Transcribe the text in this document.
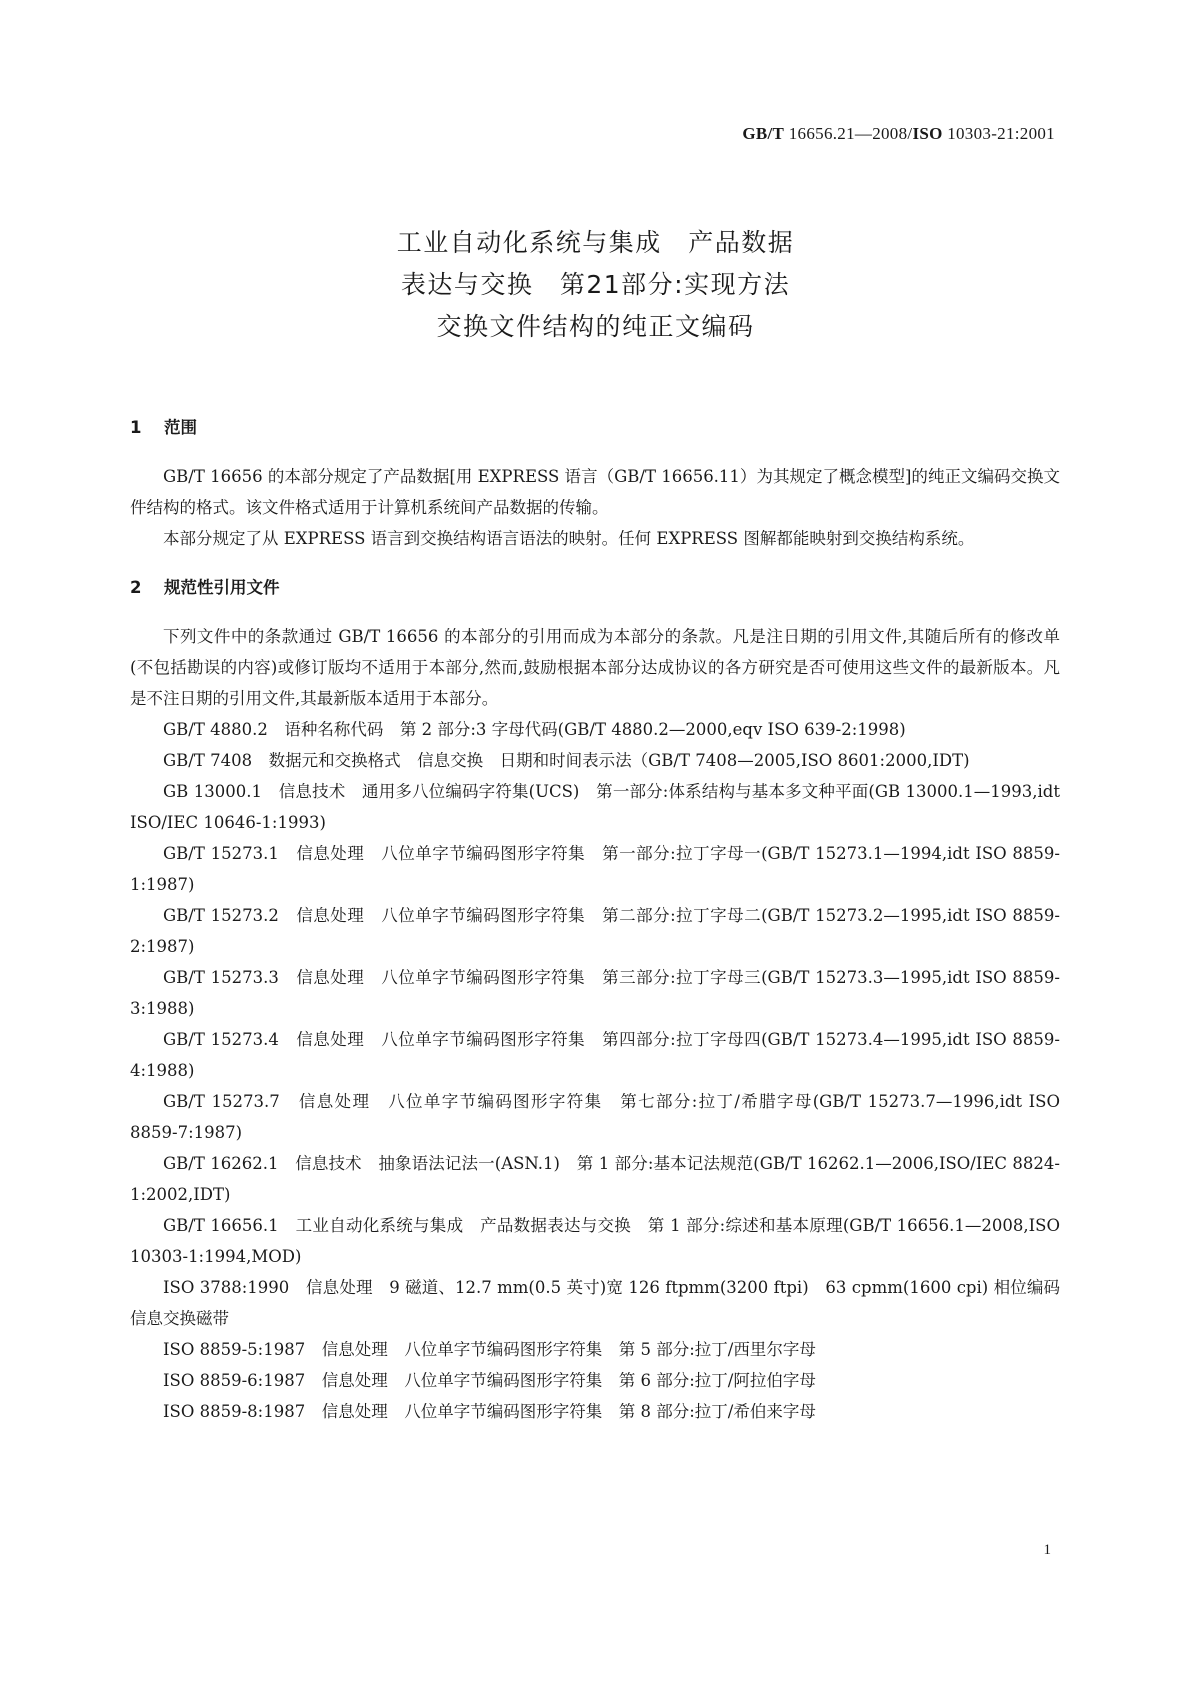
GB/T 16656.21—2008/ISO 10303-21:2001
工业自动化系统与集成　产品数据
表达与交换　第21部分:实现方法
交换文件结构的纯正文编码
1 范围

GB/T 16656 的本部分规定了产品数据[用 EXPRESS 语言（GB/T 16656.11）为其规定了概念模型]的纯正文编码交换文件结构的格式。该文件格式适用于计算机系统间产品数据的传输。

本部分规定了从 EXPRESS 语言到交换结构语言语法的映射。任何 EXPRESS 图解都能映射到交换结构系统。

2 规范性引用文件

下列文件中的条款通过 GB/T 16656 的本部分的引用而成为本部分的条款。凡是注日期的引用文件,其随后所有的修改单(不包括勘误的内容)或修订版均不适用于本部分,然而,鼓励根据本部分达成协议的各方研究是否可使用这些文件的最新版本。凡是不注日期的引用文件,其最新版本适用于本部分。

GB/T 4880.2　语种名称代码　第 2 部分:3 字母代码(GB/T 4880.2—2000,eqv ISO 639-2:1998)

GB/T 7408　数据元和交换格式　信息交换　日期和时间表示法（GB/T 7408—2005,ISO 8601:2000,IDT)

GB 13000.1　信息技术　通用多八位编码字符集(UCS)　第一部分:体系结构与基本多文种平面(GB 13000.1—1993,idt ISO/IEC 10646-1:1993)

GB/T 15273.1　信息处理　八位单字节编码图形字符集　第一部分:拉丁字母一(GB/T 15273.1—1994,idt ISO 8859-1:1987)

GB/T 15273.2　信息处理　八位单字节编码图形字符集　第二部分:拉丁字母二(GB/T 15273.2—1995,idt ISO 8859-2:1987)

GB/T 15273.3　信息处理　八位单字节编码图形字符集　第三部分:拉丁字母三(GB/T 15273.3—1995,idt ISO 8859-3:1988)

GB/T 15273.4　信息处理　八位单字节编码图形字符集　第四部分:拉丁字母四(GB/T 15273.4—1995,idt ISO 8859-4:1988)

GB/T 15273.7　信息处理　八位单字节编码图形字符集　第七部分:拉丁/希腊字母(GB/T 15273.7—1996,idt ISO 8859-7:1987)

GB/T 16262.1　信息技术　抽象语法记法一(ASN.1)　第 1 部分:基本记法规范(GB/T 16262.1—2006,ISO/IEC 8824-1:2002,IDT)

GB/T 16656.1　工业自动化系统与集成　产品数据表达与交换　第 1 部分:综述和基本原理(GB/T 16656.1—2008,ISO 10303-1:1994,MOD)

ISO 3788:1990　信息处理　9 磁道、12.7 mm(0.5 英寸)宽 126 ftpmm(3200 ftpi)　63 cpmm(1600 cpi) 相位编码信息交换磁带

ISO 8859-5:1987　信息处理　八位单字节编码图形字符集　第 5 部分:拉丁/西里尔字母

ISO 8859-6:1987　信息处理　八位单字节编码图形字符集　第 6 部分:拉丁/阿拉伯字母

ISO 8859-8:1987　信息处理　八位单字节编码图形字符集　第 8 部分:拉丁/希伯来字母

1
